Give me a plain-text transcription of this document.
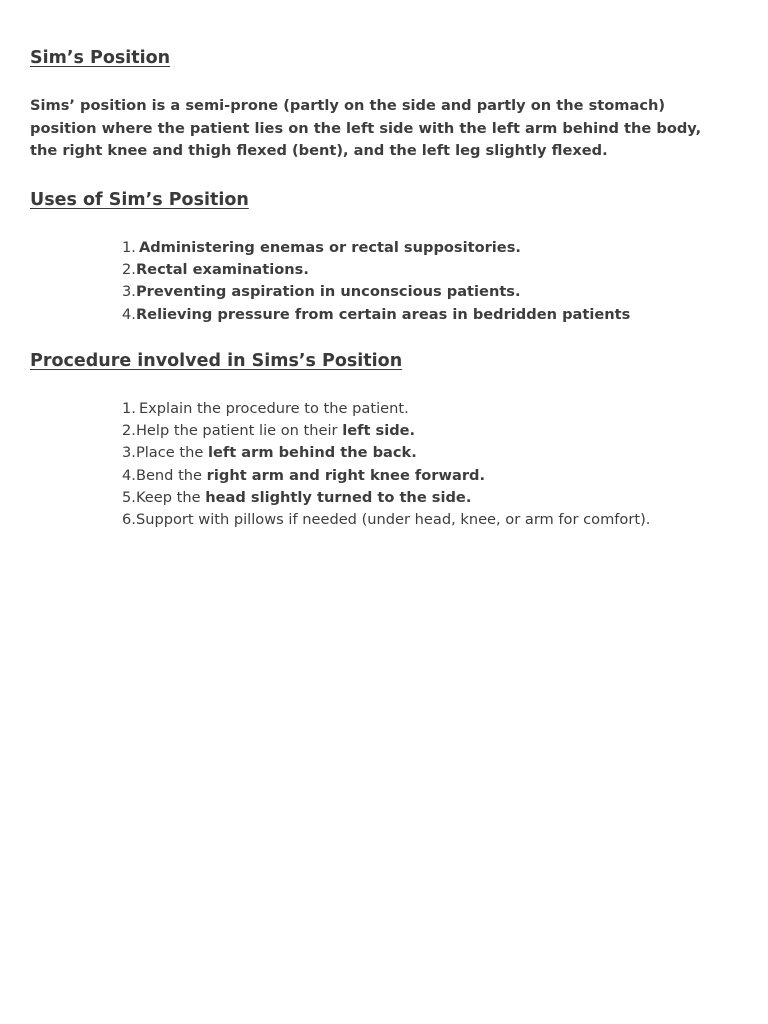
Sim’s Position

Sims’ position is a semi-prone (partly on the side and partly on the stomach) position where the patient lies on the left side with the left arm behind the body, the right knee and thigh flexed (bent), and the left leg slightly flexed.

Uses of Sim’s Position
1. Administering enemas or rectal suppositories.
2.Rectal examinations.
3.Preventing aspiration in unconscious patients.
4.Relieving pressure from certain areas in bedridden patients
Procedure involved in Sims’s Position
1. Explain the procedure to the patient.
2.Help the patient lie on their left side.
3.Place the left arm behind the back.
4.Bend the right arm and right knee forward.
5.Keep the head slightly turned to the side.
6.Support with pillows if needed (under head, knee, or arm for comfort).
